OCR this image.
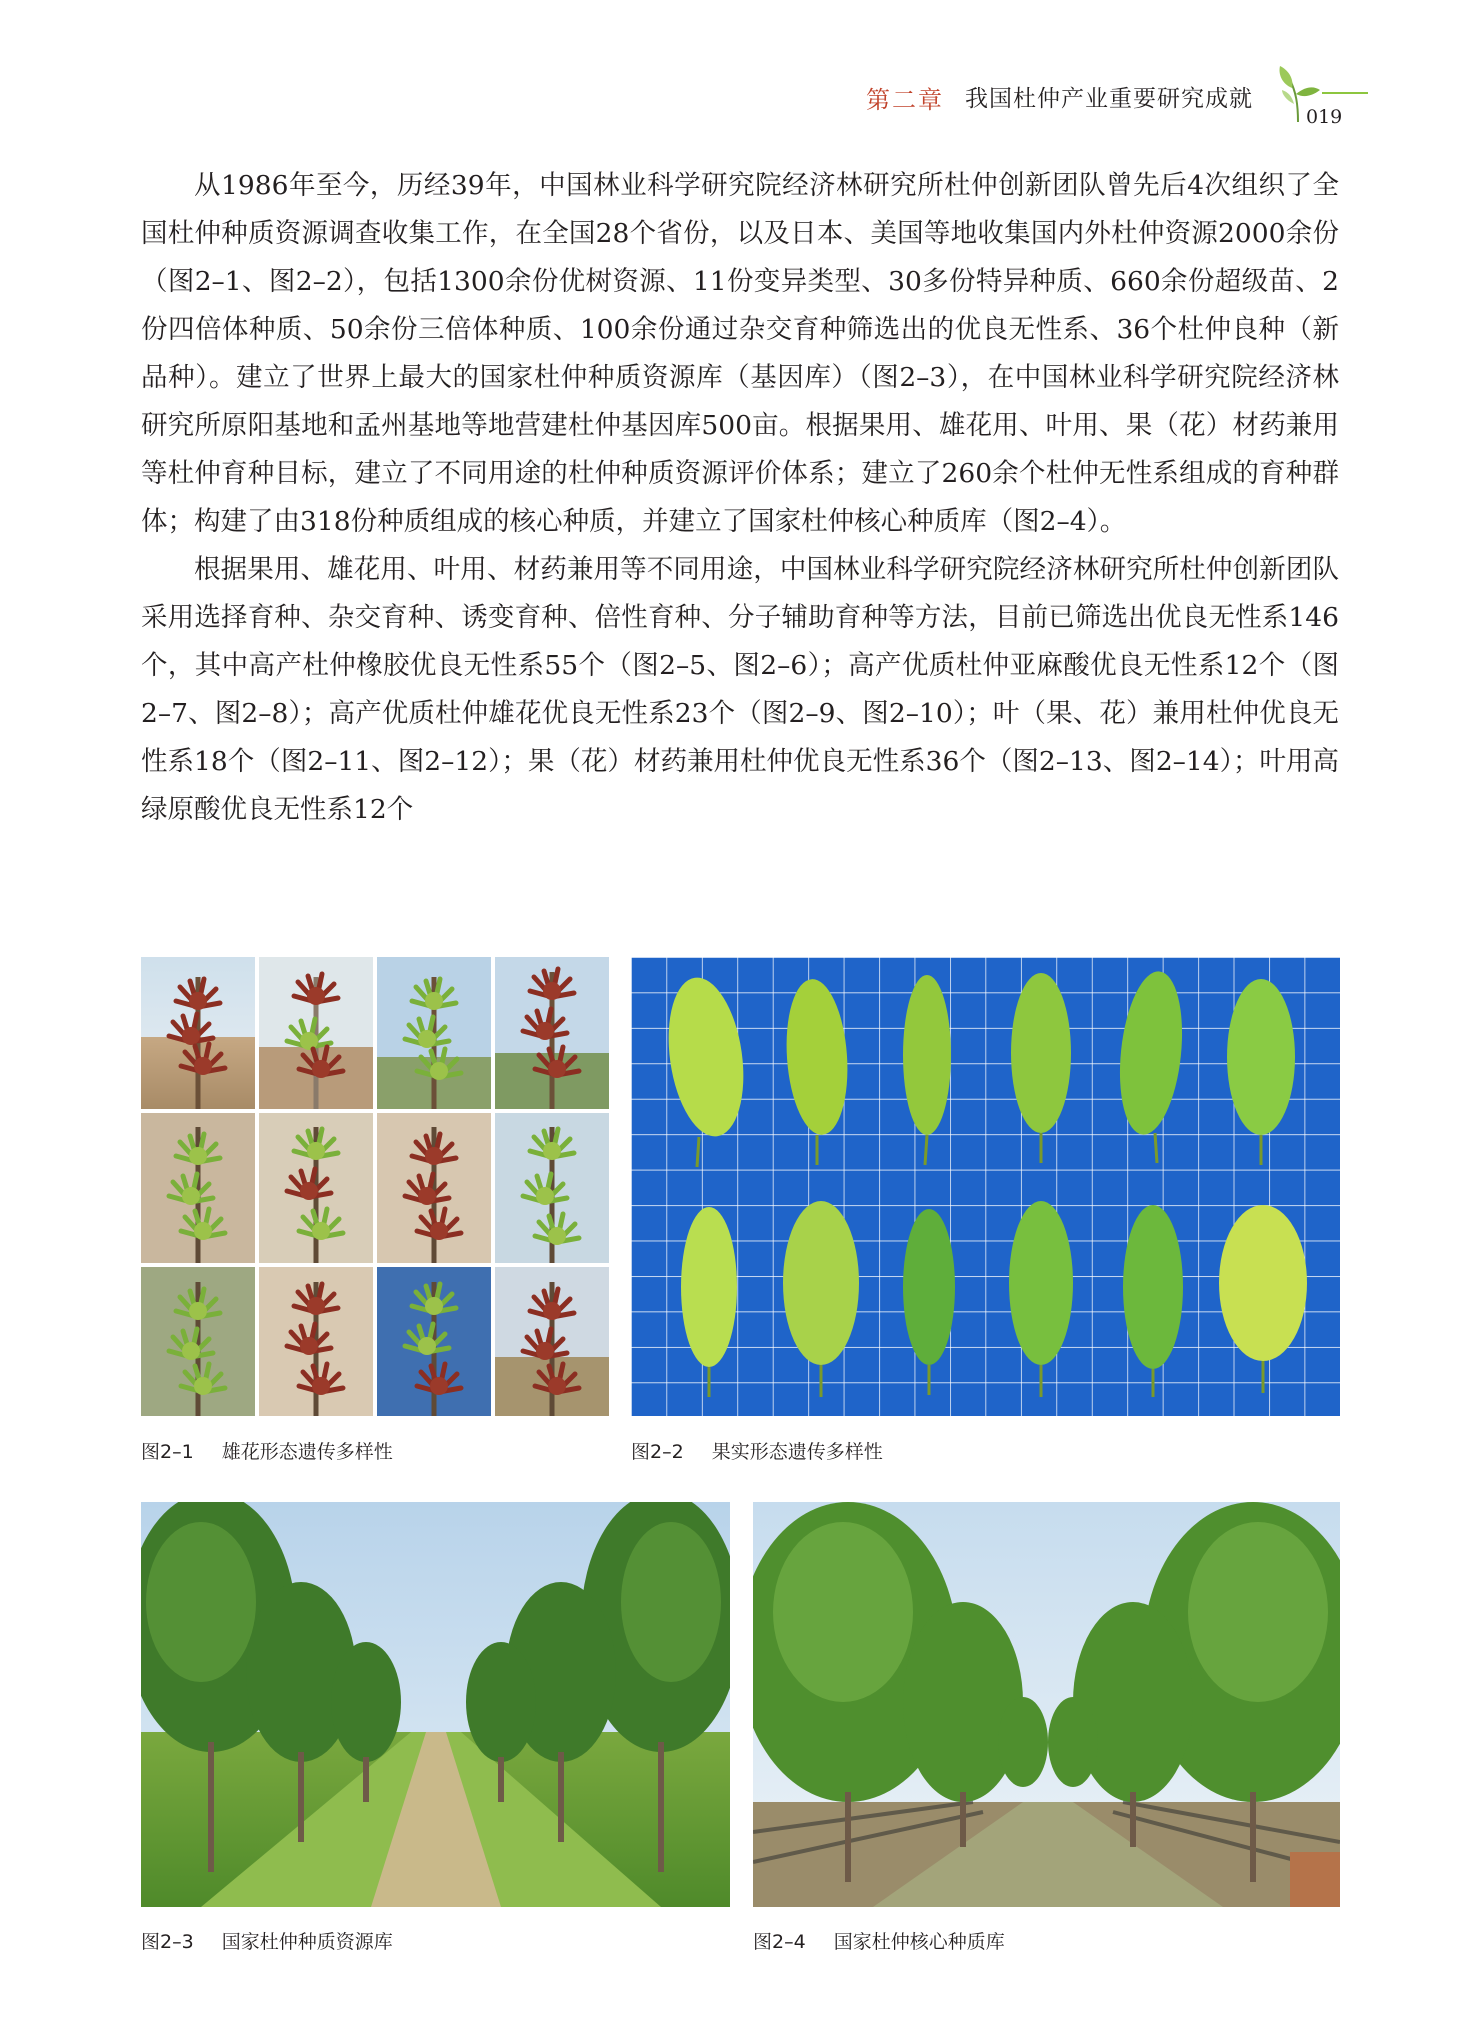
第二章 我国杜仲产业重要研究成就
019

从1986年至今，历经39年，中国林业科学研究院经济林研究所杜仲创新团队曾先后4次组织了全国杜仲种质资源调查收集工作，在全国28个省份，以及日本、美国等地收集国内外杜仲资源2000余份（图2–1、图2–2），包括1300余份优树资源、11份变异类型、30多份特异种质、660余份超级苗、2份四倍体种质、50余份三倍体种质、100余份通过杂交育种筛选出的优良无性系、36个杜仲良种（新品种）。建立了世界上最大的国家杜仲种质资源库（基因库）（图2–3），在中国林业科学研究院经济林研究所原阳基地和孟州基地等地营建杜仲基因库500亩。根据果用、雄花用、叶用、果（花）材药兼用等杜仲育种目标，建立了不同用途的杜仲种质资源评价体系；建立了260余个杜仲无性系组成的育种群体；构建了由318份种质组成的核心种质，并建立了国家杜仲核心种质库（图2–4）。

根据果用、雄花用、叶用、材药兼用等不同用途，中国林业科学研究院经济林研究所杜仲创新团队采用选择育种、杂交育种、诱变育种、倍性育种、分子辅助育种等方法，目前已筛选出优良无性系146个，其中高产杜仲橡胶优良无性系55个（图2–5、图2–6）；高产优质杜仲亚麻酸优良无性系12个（图2–7、图2–8）；高产优质杜仲雄花优良无性系23个（图2–9、图2–10）；叶（果、花）兼用杜仲优良无性系18个（图2–11、图2–12）；果（花）材药兼用杜仲优良无性系36个（图2–13、图2–14）；叶用高绿原酸优良无性系12个

图2–1 雄花形态遗传多样性	图2–2 果实形态遗传多样性
图2–3 国家杜仲种质资源库	图2–4 国家杜仲核心种质库
